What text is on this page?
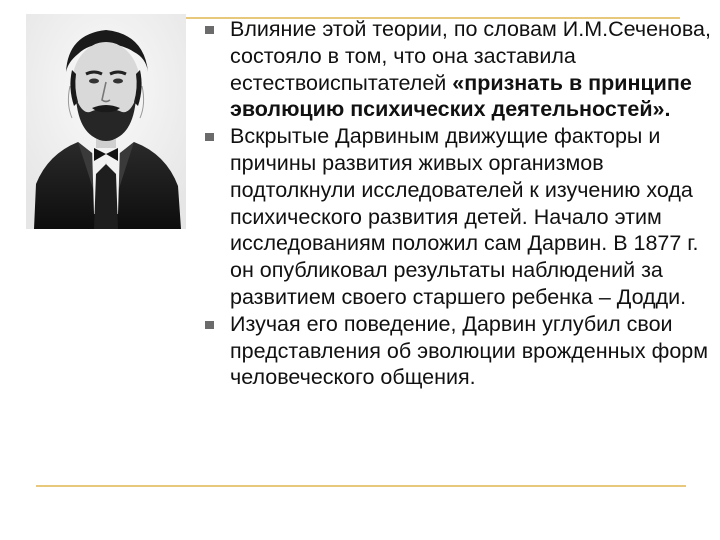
Влияние этой теории, по словам И.М.Сеченова, состояло в том, что она заставила естествоиспытателей «признать в принципе эволюцию психических деятельностей».
Вскрытые Дарвиным движущие факторы и причины развития живых организмов подтолкнули исследователей к изучению хода психического развития детей. Начало этим исследованиям положил сам Дарвин. В 1877 г. он опубликовал результаты наблюдений за развитием своего старшего ребенка – Додди.
Изучая его поведение, Дарвин углубил свои представления об эволюции врожденных форм человеческого общения.
